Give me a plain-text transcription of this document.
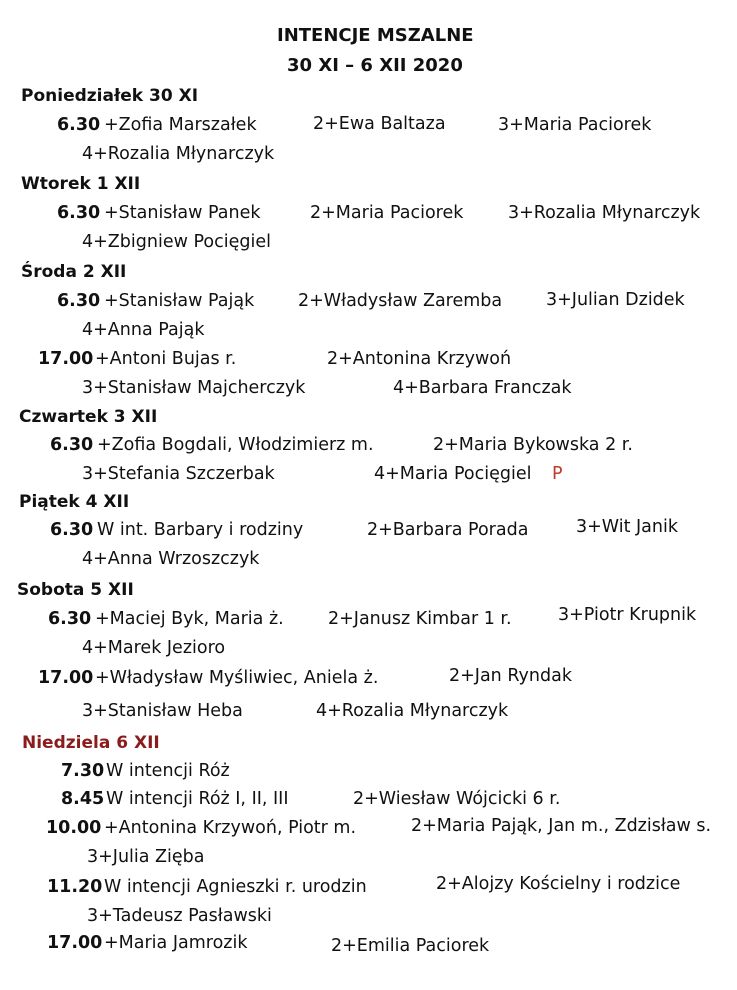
INTENCJE MSZALNE
30 XI – 6 XII 2020
Poniedziałek 30 XI
6.30 +Zofia Marszałek	2+Ewa Baltaza	3+Maria Paciorek
4+Rozalia Młynarczyk
Wtorek 1 XII
6.30 +Stanisław Panek	2+Maria Paciorek	3+Rozalia Młynarczyk
4+Zbigniew Pocięgiel
Środa 2 XII
6.30 +Stanisław Pająk	2+Władysław Zaremba	3+Julian Dzidek
4+Anna Pająk
17.00 +Antoni Bujas r.	2+Antonina Krzywoń
3+Stanisław Majcherczyk	4+Barbara Franczak
Czwartek 3 XII
6.30 +Zofia Bogdali, Włodzimierz m.	2+Maria Bykowska 2 r.
3+Stefania Szczerbak	4+Maria Pocięgiel P
Piątek 4 XII
6.30 W int. Barbary i rodziny	2+Barbara Porada	3+Wit Janik
4+Anna Wrzoszczyk
Sobota 5 XII
6.30 +Maciej Byk, Maria ż.	2+Janusz Kimbar 1 r.	3+Piotr Krupnik
4+Marek Jezioro
17.00 +Władysław Myśliwiec, Aniela ż.	2+Jan Ryndak
3+Stanisław Heba	4+Rozalia Młynarczyk
Niedziela 6 XII
7.30 W intencji Róż
8.45 W intencji Róż I, II, III	2+Wiesław Wójcicki 6 r.
10.00 +Antonina Krzywoń, Piotr m.	2+Maria Pająk, Jan m., Zdzisław s.
3+Julia Zięba
11.20 W intencji Agnieszki r. urodzin	2+Alojzy Kościelny i rodzice
3+Tadeusz Pasławski
17.00 +Maria Jamrozik	2+Emilia Paciorek
